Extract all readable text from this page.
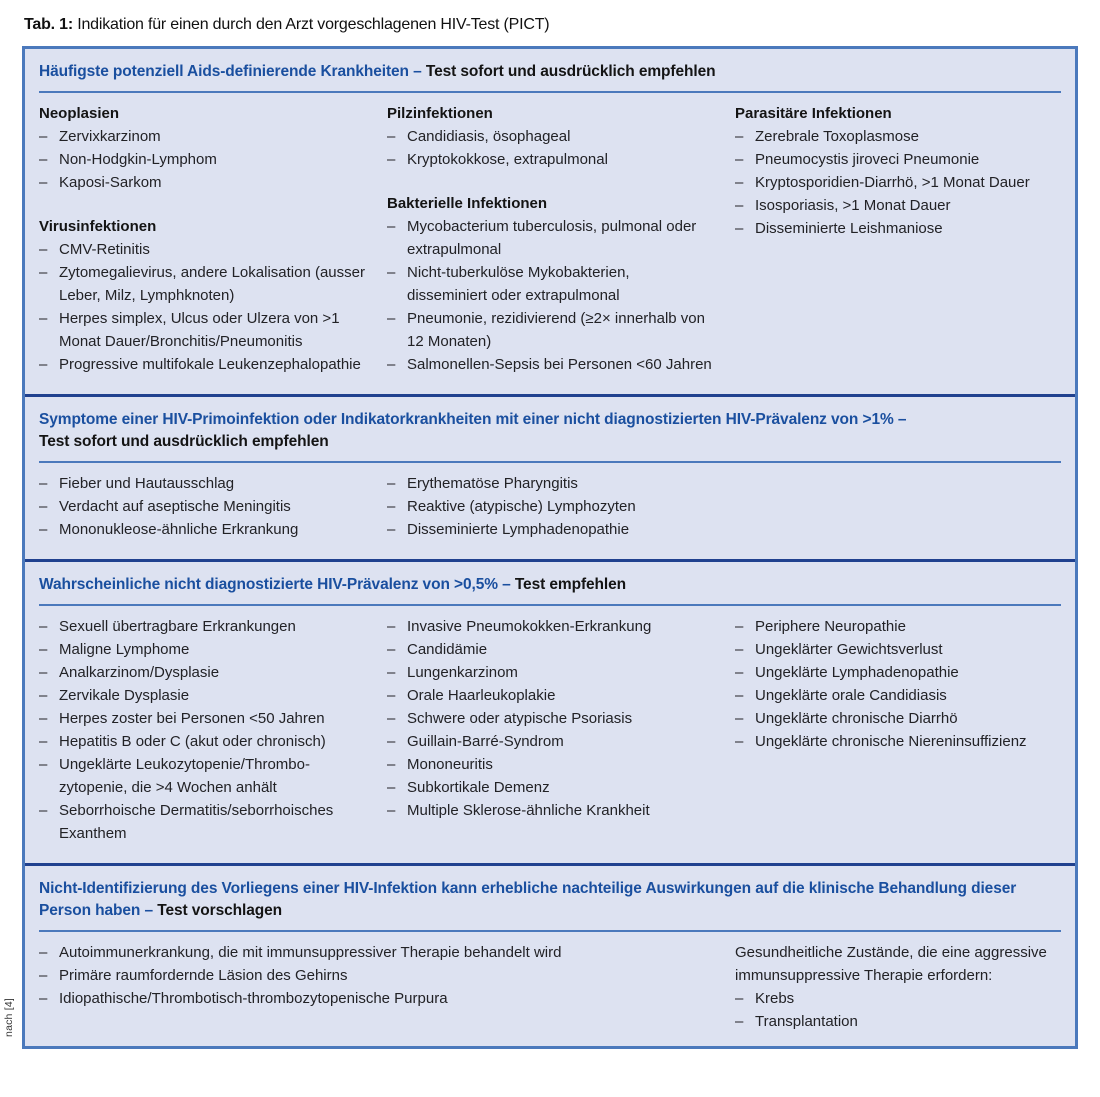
Tab. 1: Indikation für einen durch den Arzt vorgeschlagenen HIV-Test (PICT)
Häufigste potenziell Aids-definierende Krankheiten – Test sofort und ausdrücklich empfehlen
Neoplasien
–
Zervixkarzinom
–
Non-Hodgkin-Lymphom
–
Kaposi-Sarkom
Virusinfektionen
–
CMV-Retinitis
–
Zytomegalievirus, andere Lokalisation (ausser Leber, Milz, Lymphknoten)
–
Herpes simplex, Ulcus oder Ulzera von >1 Monat Dauer/Bronchitis/Pneumonitis
–
Progressive multifokale Leukenzephalopathie
Pilzinfektionen
–
Candidiasis, ösophageal
–
Kryptokokkose, extrapulmonal
Bakterielle Infektionen
–
Mycobacterium tuberculosis, pulmonal oder extrapulmonal
–
Nicht-tuberkulöse Mykobakterien, disseminiert oder extrapulmonal
–
Pneumonie, rezidivierend (≥2× innerhalb von 12 Monaten)
–
Salmonellen-Sepsis bei Personen <60 Jahren
Parasitäre Infektionen
–
Zerebrale Toxoplasmose
–
Pneumocystis jiroveci Pneumonie
–
Kryptosporidien-Diarrhö, >1 Monat Dauer
–
Isosporiasis, >1 Monat Dauer
–
Disseminierte Leishmaniose
Symptome einer HIV-Primoinfektion oder Indikatorkrankheiten mit einer nicht diagnostizierten HIV-Prävalenz von >1% –
Test sofort und ausdrücklich empfehlen
–
Fieber und Hautausschlag
–
Verdacht auf aseptische Meningitis
–
Mononukleose-ähnliche Erkrankung
–
Erythematöse Pharyngitis
–
Reaktive (atypische) Lymphozyten
–
Disseminierte Lymphadenopathie
Wahrscheinliche nicht diagnostizierte HIV-Prävalenz von >0,5% – Test empfehlen
–
Sexuell übertragbare Erkrankungen
–
Maligne Lymphome
–
Analkarzinom/Dysplasie
–
Zervikale Dysplasie
–
Herpes zoster bei Personen <50 Jahren
–
Hepatitis B oder C (akut oder chronisch)
–
Ungeklärte Leukozytopenie/Thrombozytopenie, die >4 Wochen anhält
–
Seborrhoische Dermatitis/seborrhoisches Exanthem
–
Invasive Pneumokokken-Erkrankung
–
Candidämie
–
Lungenkarzinom
–
Orale Haarleukoplakie
–
Schwere oder atypische Psoriasis
–
Guillain-Barré-Syndrom
–
Mononeuritis
–
Subkortikale Demenz
–
Multiple Sklerose-ähnliche Krankheit
–
Periphere Neuropathie
–
Ungeklärter Gewichtsverlust
–
Ungeklärte Lymphadenopathie
–
Ungeklärte orale Candidiasis
–
Ungeklärte chronische Diarrhö
–
Ungeklärte chronische Niereninsuffizienz
Nicht-Identifizierung des Vorliegens einer HIV-Infektion kann erhebliche nachteilige Auswirkungen auf die klinische Behandlung dieser Person haben – Test vorschlagen
–
Autoimmunerkrankung, die mit immunsuppressiver Therapie behandelt wird
–
Primäre raumfordernde Läsion des Gehirns
–
Idiopathische/Thrombotisch-thrombozytopenische Purpura
Gesundheitliche Zustände, die eine aggressive immunsuppressive Therapie erfordern:
–
Krebs
–
Transplantation
nach [4]
